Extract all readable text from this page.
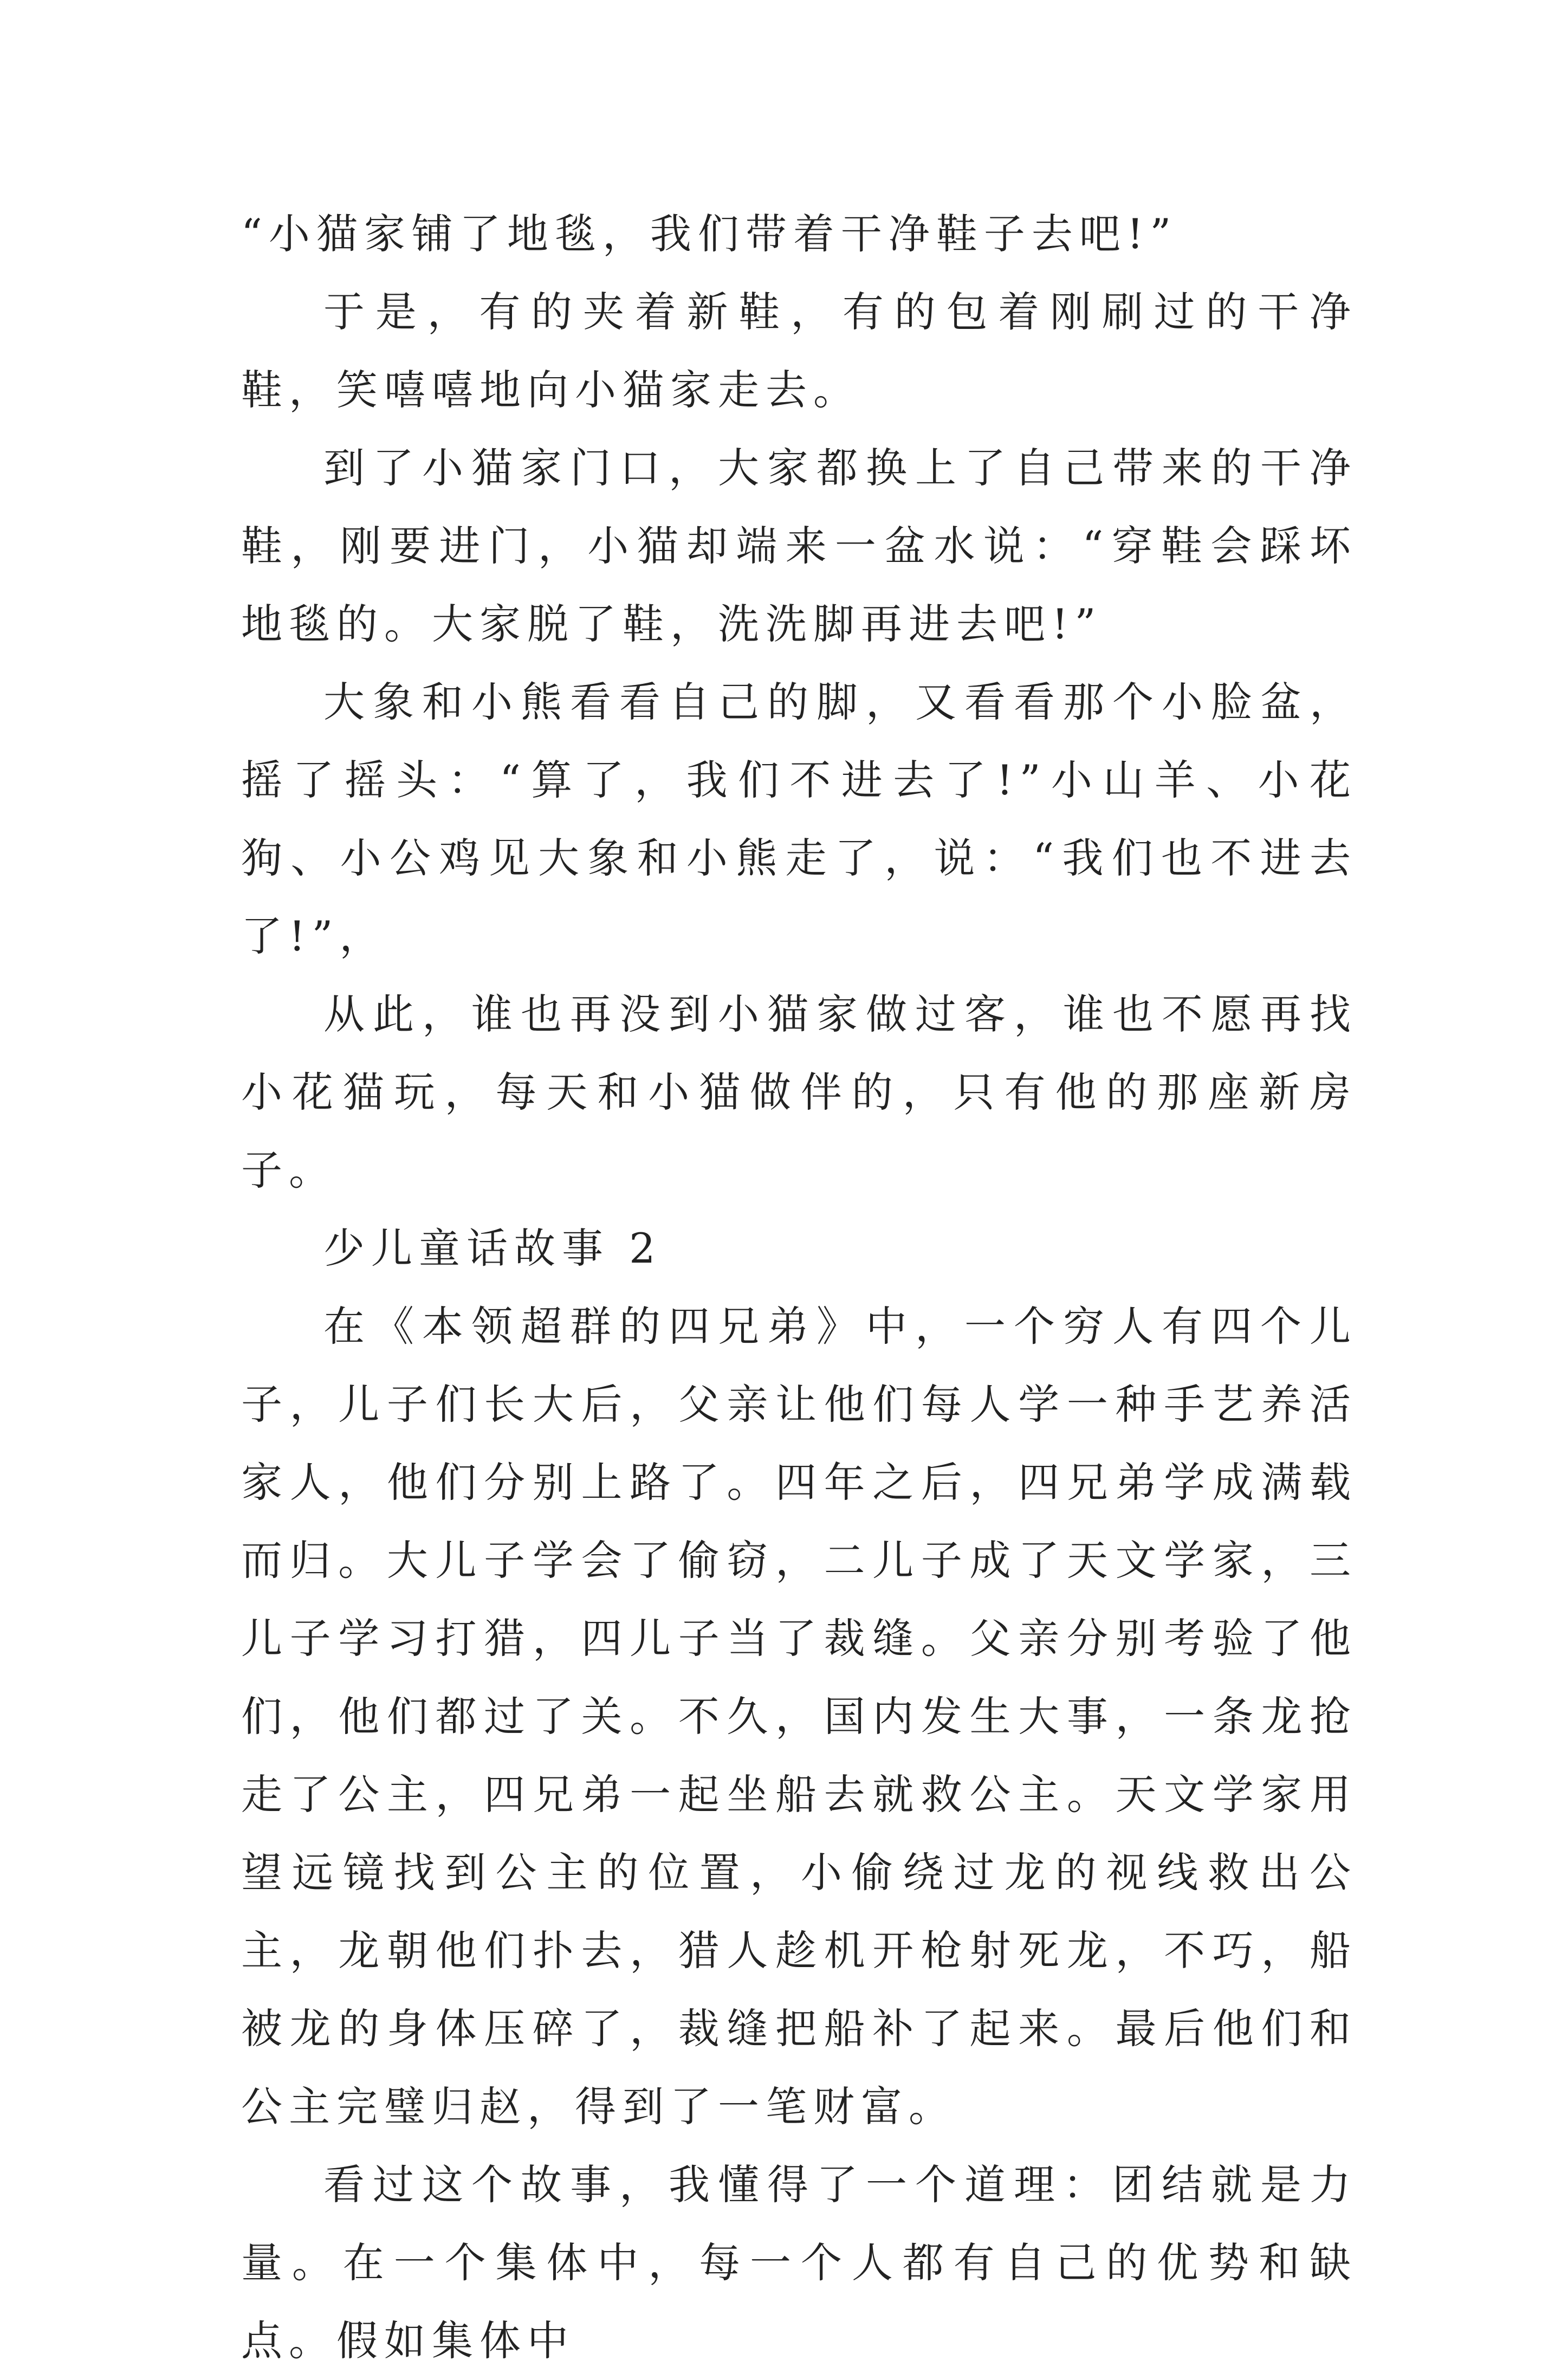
“小猫家铺了地毯，我们带着干净鞋子去吧!”

于是，有的夹着新鞋，有的包着刚刷过的干净鞋，笑嘻嘻地向小猫家走去。

到了小猫家门口，大家都换上了自己带来的干净鞋，刚要进门，小猫却端来一盆水说：“穿鞋会踩坏地毯的。大家脱了鞋，洗洗脚再进去吧!”

大象和小熊看看自己的脚，又看看那个小脸盆，摇了摇头：“算了，我们不进去了!”小山羊、小花狗、小公鸡见大象和小熊走了，说：“我们也不进去了!”，

从此，谁也再没到小猫家做过客，谁也不愿再找小花猫玩，每天和小猫做伴的，只有他的那座新房子。

少儿童话故事 2

在《本领超群的四兄弟》中，一个穷人有四个儿子，儿子们长大后，父亲让他们每人学一种手艺养活家人，他们分别上路了。四年之后，四兄弟学成满载而归。大儿子学会了偷窃，二儿子成了天文学家，三儿子学习打猎，四儿子当了裁缝。父亲分别考验了他们，他们都过了关。不久，国内发生大事，一条龙抢走了公主，四兄弟一起坐船去就救公主。天文学家用望远镜找到公主的位置，小偷绕过龙的视线救出公主，龙朝他们扑去，猎人趁机开枪射死龙，不巧，船被龙的身体压碎了，裁缝把船补了起来。最后他们和公主完璧归赵，得到了一笔财富。

看过这个故事，我懂得了一个道理：团结就是力量。在一个集体中，每一个人都有自己的优势和缺点。假如集体中
